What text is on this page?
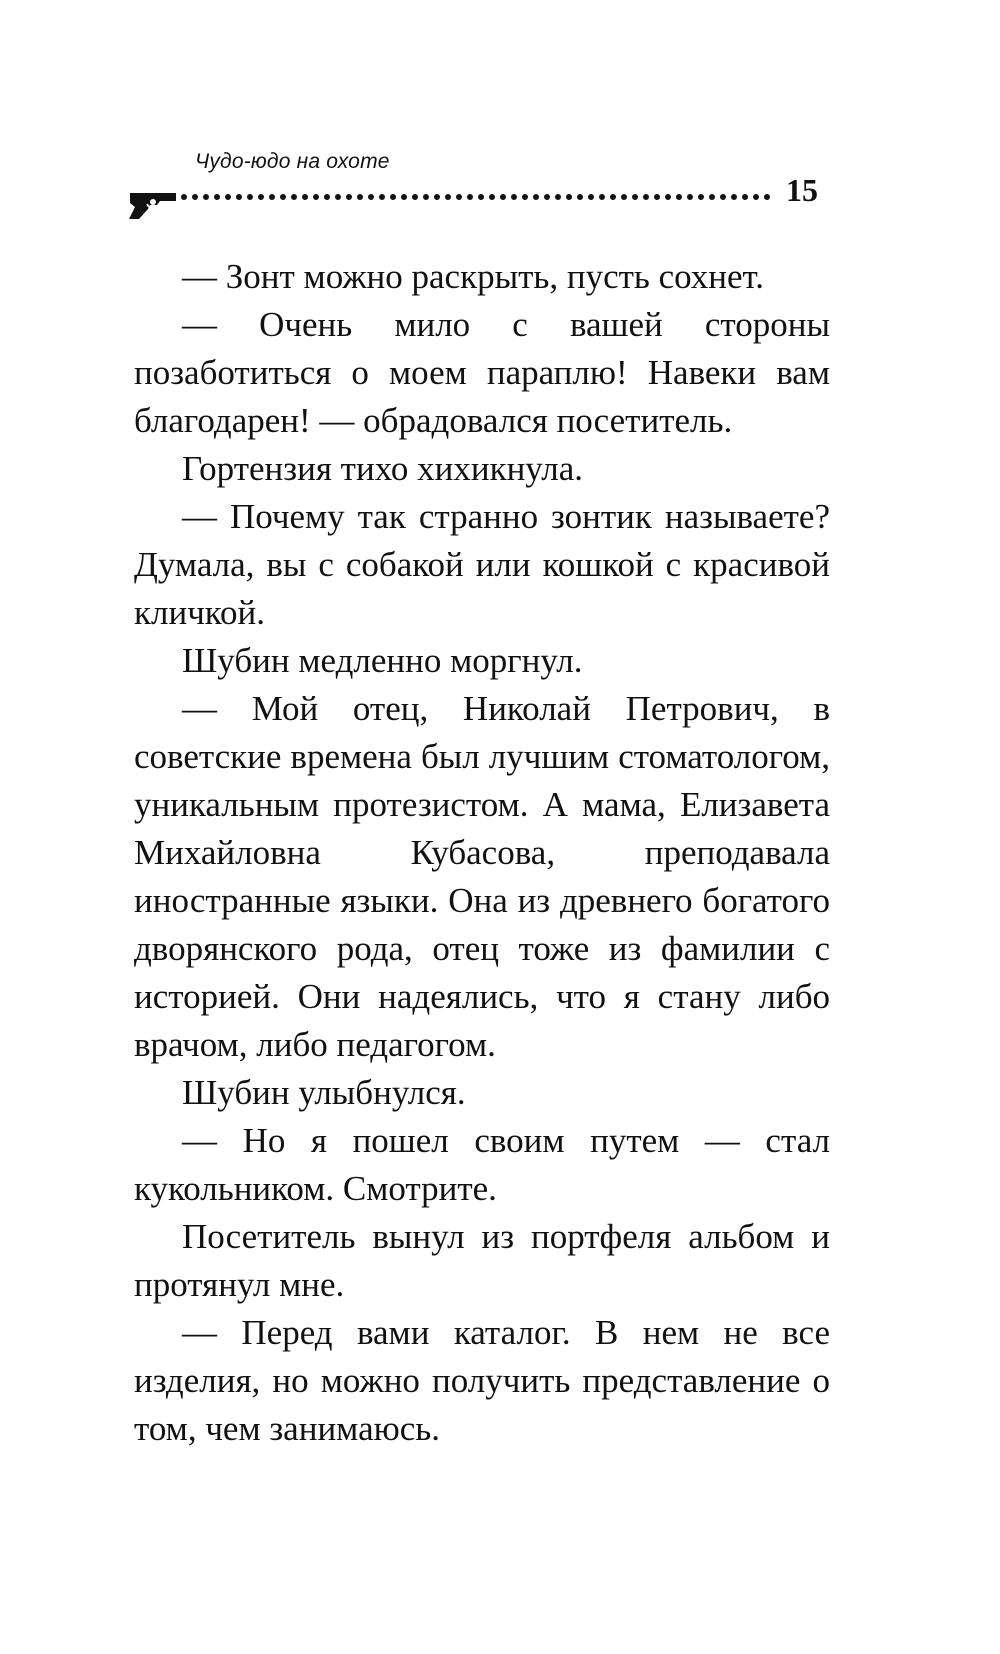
Чудо-юдо на охоте
15

— Зонт можно раскрыть, пусть сохнет.

— Очень мило с вашей стороны позаботиться о моем параплю! Навеки вам благодарен! — обрадовался посетитель.

Гортензия тихо хихикнула.

— Почему так странно зонтик называете? Думала, вы с собакой или кошкой с красивой кличкой.

Шубин медленно моргнул.

— Мой отец, Николай Петрович, в советские времена был лучшим стоматологом, уникальным протезистом. А мама, Елизавета Михайловна Кубасова, преподавала иностранные языки. Она из древнего богатого дворянского рода, отец тоже из фамилии с историей. Они надеялись, что я стану либо врачом, либо педагогом.

Шубин улыбнулся.

— Но я пошел своим путем — стал кукольником. Смотрите.

Посетитель вынул из портфеля альбом и протянул мне.

— Перед вами каталог. В нем не все изделия, но можно получить представление о том, чем занимаюсь.
